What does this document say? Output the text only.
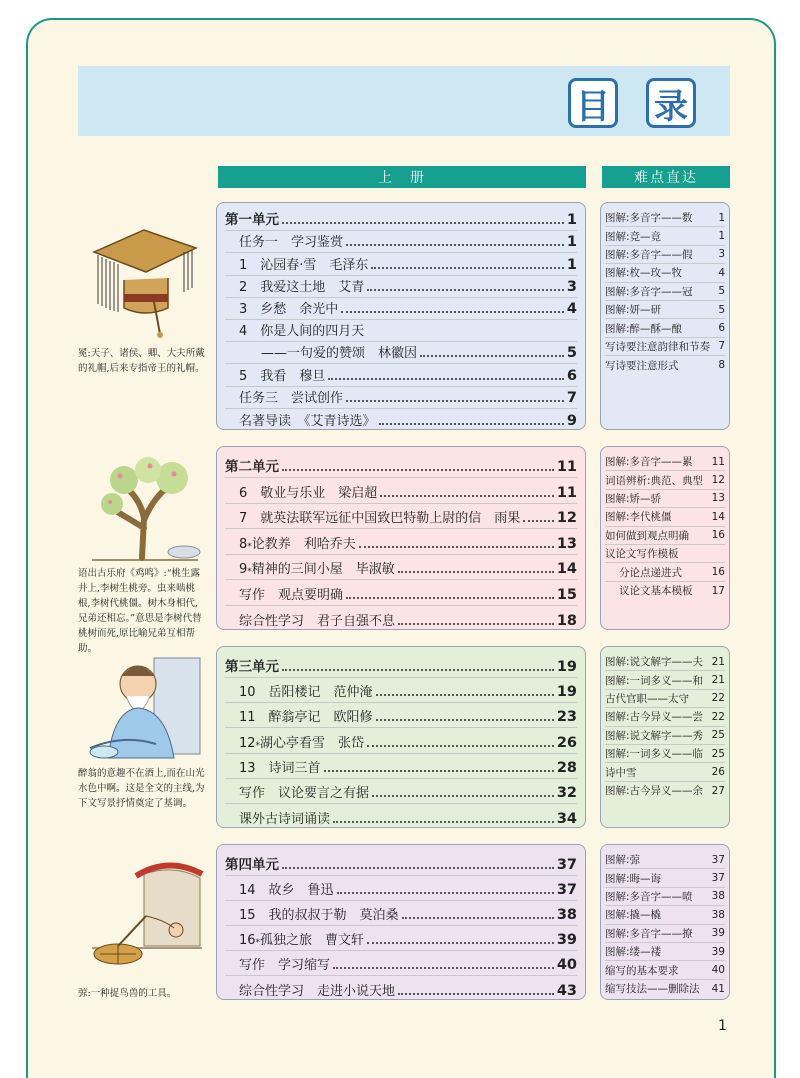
目 录
上　册	难点直达
第一单元	1
任务一　学习鉴赏	1
1　沁园春·雪　毛泽东	1
2　我爱这土地　艾青	3
3　乡愁　余光中	4
4　你是人间的四月天
——一句爱的赞颂　林徽因	5
5　我看　穆旦	6
任务三　尝试创作	7
名著导读　《艾青诗选》	9
第二单元	11
6　敬业与乐业　梁启超	11
7　就英法联军远征中国致巴特勒上尉的信　雨果	12
8 * 论教养　利哈乔夫	13
9 * 精神的三间小屋　毕淑敏	14
写作　观点要明确	15
综合性学习　君子自强不息	18
第三单元	19
10　岳阳楼记　范仲淹	19
11　醉翁亭记　欧阳修	23
12 * 湖心亭看雪　张岱	26
13　诗词三首	28
写作　议论要言之有据	32
课外古诗词诵读	34
第四单元	37
14　故乡　鲁迅	37
15　我的叔叔于勒　莫泊桑	38
16 * 孤独之旅　曹文轩	39
写作　学习缩写	40
综合性学习　走进小说天地	43
图解:多音字——数 1
图解:竞—竟	1
图解:多音字——假 3
图解:枚—玫—牧	4
图解:多音字——冠 5
图解:妍—研	5
图解:醉—酥—酿	6
写诗要注意韵律和节奏 7
写诗要注意形式	8
图解:多音字——累 11
词语辨析:典范、典型 12
图解:矫—骄	13
图解:李代桃僵	14
如何做到观点明确 16
议论文写作模板
分论点递进式	16
议论文基本模板 17
图解:说文解字——夫 21
图解:一词多义——和 21
古代官职——太守 22
图解:古今异义——尝 22
图解:说文解字——秀 25
图解:一词多义——临 25
诗中雪	26
图解:古今异义——余 27
图解:弶	37
图解:晦—诲	37
图解:多音字——喷 38
图解:撬—橇	38
图解:多音字——撩 39
图解:缕—褛	39
缩写的基本要求	40
缩写技法——删除法 41
冕:天子、诸侯、卿、大夫所戴的礼帽,后来专指帝王的礼帽。
语出古乐府《鸡鸣》:“桃生露井上,李树生桃旁。虫来啮桃根,李树代桃僵。树木身相代,兄弟还相忘。”意思是李树代替桃树而死,原比喻兄弟互相帮助。
醉翁的意趣不在酒上,而在山光水色中啊。这是全文的主线,为下文写景抒情奠定了基调。
弶:一种捉鸟兽的工具。
1
